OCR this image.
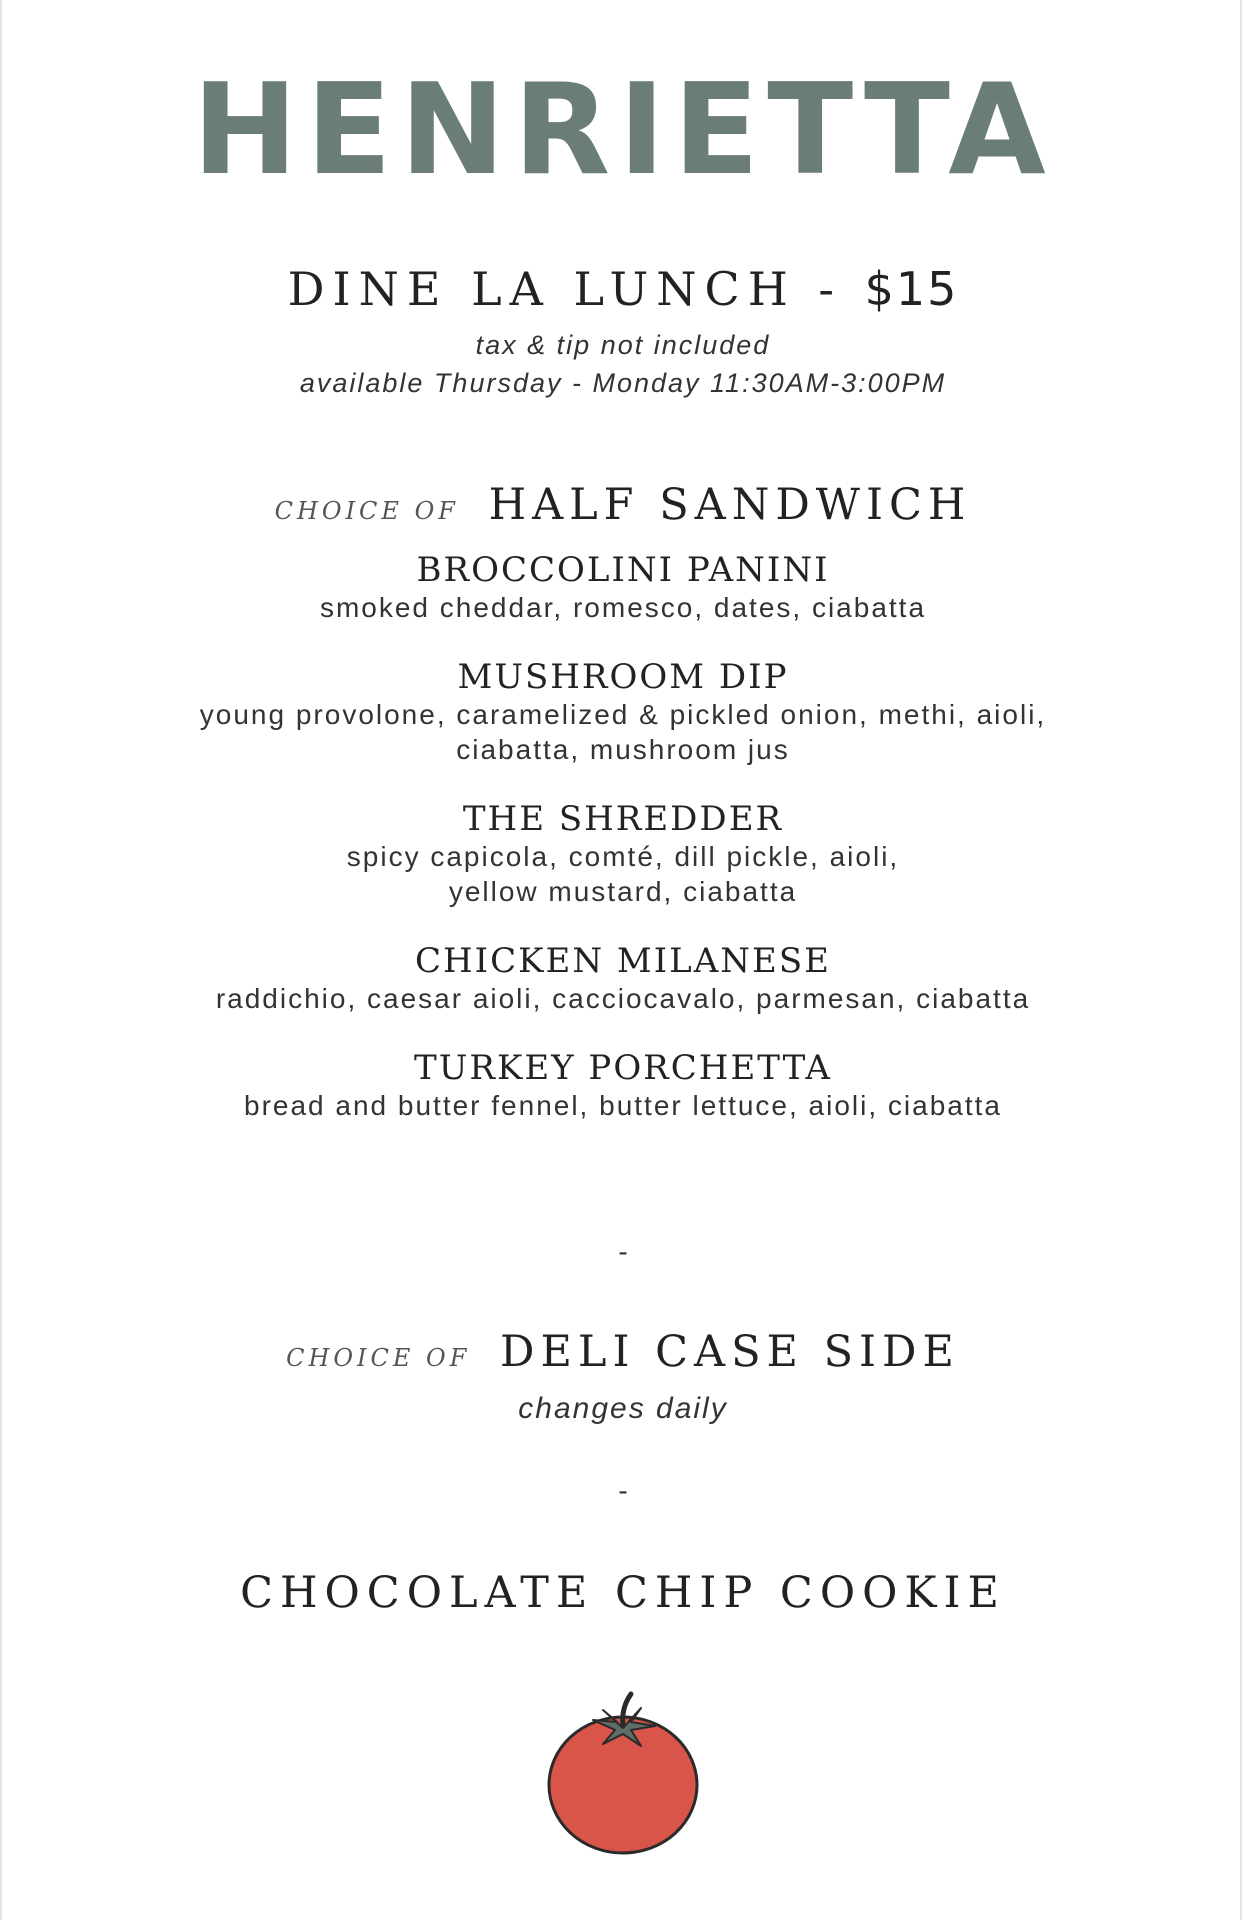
HENRIETTA
DINE LA LUNCH - $15
tax & tip not included
available Thursday - Monday 11:30AM-3:00PM
CHOICE OF HALF SANDWICH
BROCCOLINI PANINI
smoked cheddar, romesco, dates, ciabatta
MUSHROOM DIP
young provolone, caramelized & pickled onion, methi, aioli, ciabatta, mushroom jus
THE SHREDDER
spicy capicola, comté, dill pickle, aioli, yellow mustard, ciabatta
CHICKEN MILANESE
raddichio, caesar aioli, cacciocavalo, parmesan, ciabatta
TURKEY PORCHETTA
bread and butter fennel, butter lettuce, aioli, ciabatta
-
CHOICE OF DELI CASE SIDE
changes daily
-
CHOCOLATE CHIP COOKIE
